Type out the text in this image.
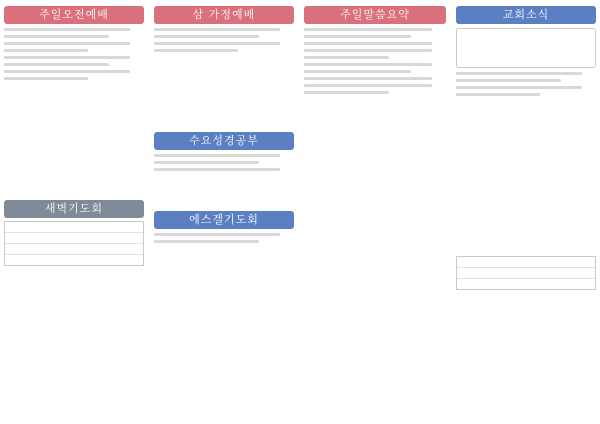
주일오전예배
새벽기도회
삼 가정예배
수요성경공부
에스겔기도회
주일말씀요약	교회소식
